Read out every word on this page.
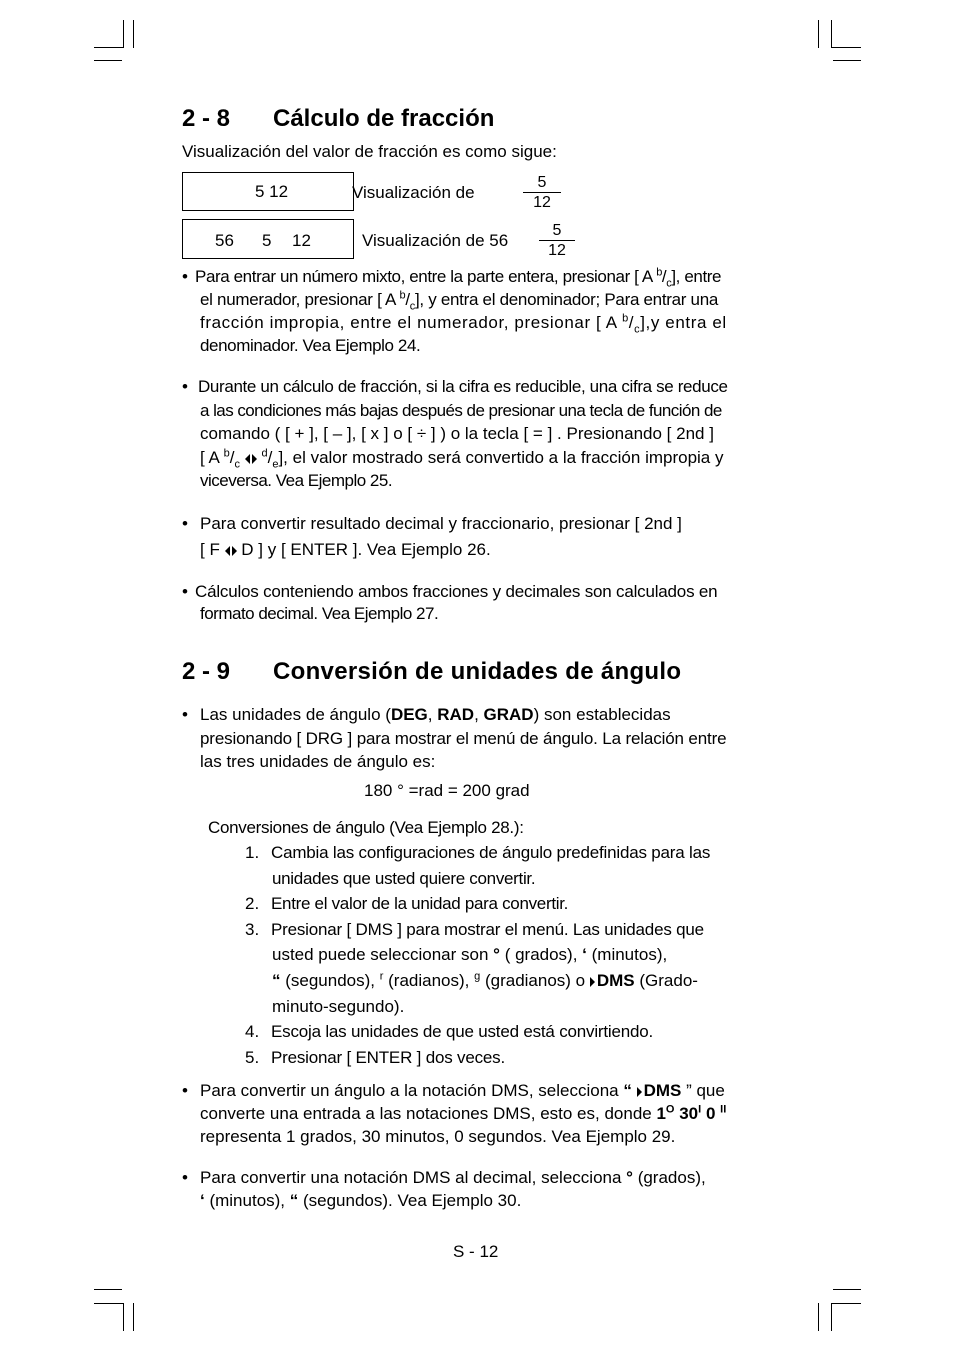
2 - 8 Cálculo de fracción
Visualización del valor de fracción es como sigue:
5 12	Visualización de
5
12
56 5 12	Visualización de 56
5
12
• Para entrar un número mixto, entre la parte entera, presionar [ A $^b/_c$], entre
el numerador, presionar [ A $^b/_c$], y entra el denominador; Para entrar una
fracción impropia, entre el numerador, presionar [ A $^b/_c],y$ entra el
denominador. Vea Ejemplo 24.
• Durante un cálculo de fracción, si la cifra es reducible, una cifra se reduce
a las condiciones más bajas después de presionar una tecla de función de
comando ( [ + ], [ – ], [ x ] o [ ÷ ] ) o la tecla [ = ] . Presionando [ 2nd ]
[ A $^b/_c$  $^d/_e$], el valor mostrado será convertido a la fracción impropia y
viceversa. Vea Ejemplo 25.
• Para convertir resultado decimal y fraccionario, presionar [ 2nd ]
[ F  D ] y [ ENTER ]. Vea Ejemplo 26.
• Cálculos conteniendo ambos fracciones y decimales son calculados en
formato decimal. Vea Ejemplo 27.
2 - 9 Conversión de unidades de ángulo
• Las unidades de ángulo (DEG, RAD, GRAD) son establecidas
presionando [ DRG ] para mostrar el menú de ángulo. La relación entre
las tres unidades de ángulo es:
180 ° =rad = 200 grad
Conversiones de ángulo (Vea Ejemplo 28.):
1. Cambia las configuraciones de ángulo predefinidas para las
unidades que usted quiere convertir.
2. Entre el valor de la unidad para convertir.
3. Presionar [ DMS ] para mostrar el menú. Las unidades que
usted puede seleccionar son ° ( grados), ‘ (minutos),
“ (segundos), $^r$ (radianos), $^g$ (gradianos) o DMS (Grado-
minuto-segundo).
4. Escoja las unidades de que usted está convirtiendo.
5. Presionar [ ENTER ] dos veces.
• Para convertir un ángulo a la notación DMS, selecciona “ DMS ” que
converte una entrada a las notaciones DMS, esto es, donde $1^O$ $30^I$ 0 $^{II}$
representa 1 grados, 30 minutos, 0 segundos. Vea Ejemplo 29.
• Para convertir una notación DMS al decimal, selecciona ° (grados),
‘ (minutos), “ (segundos). Vea Ejemplo 30.
S - 12
